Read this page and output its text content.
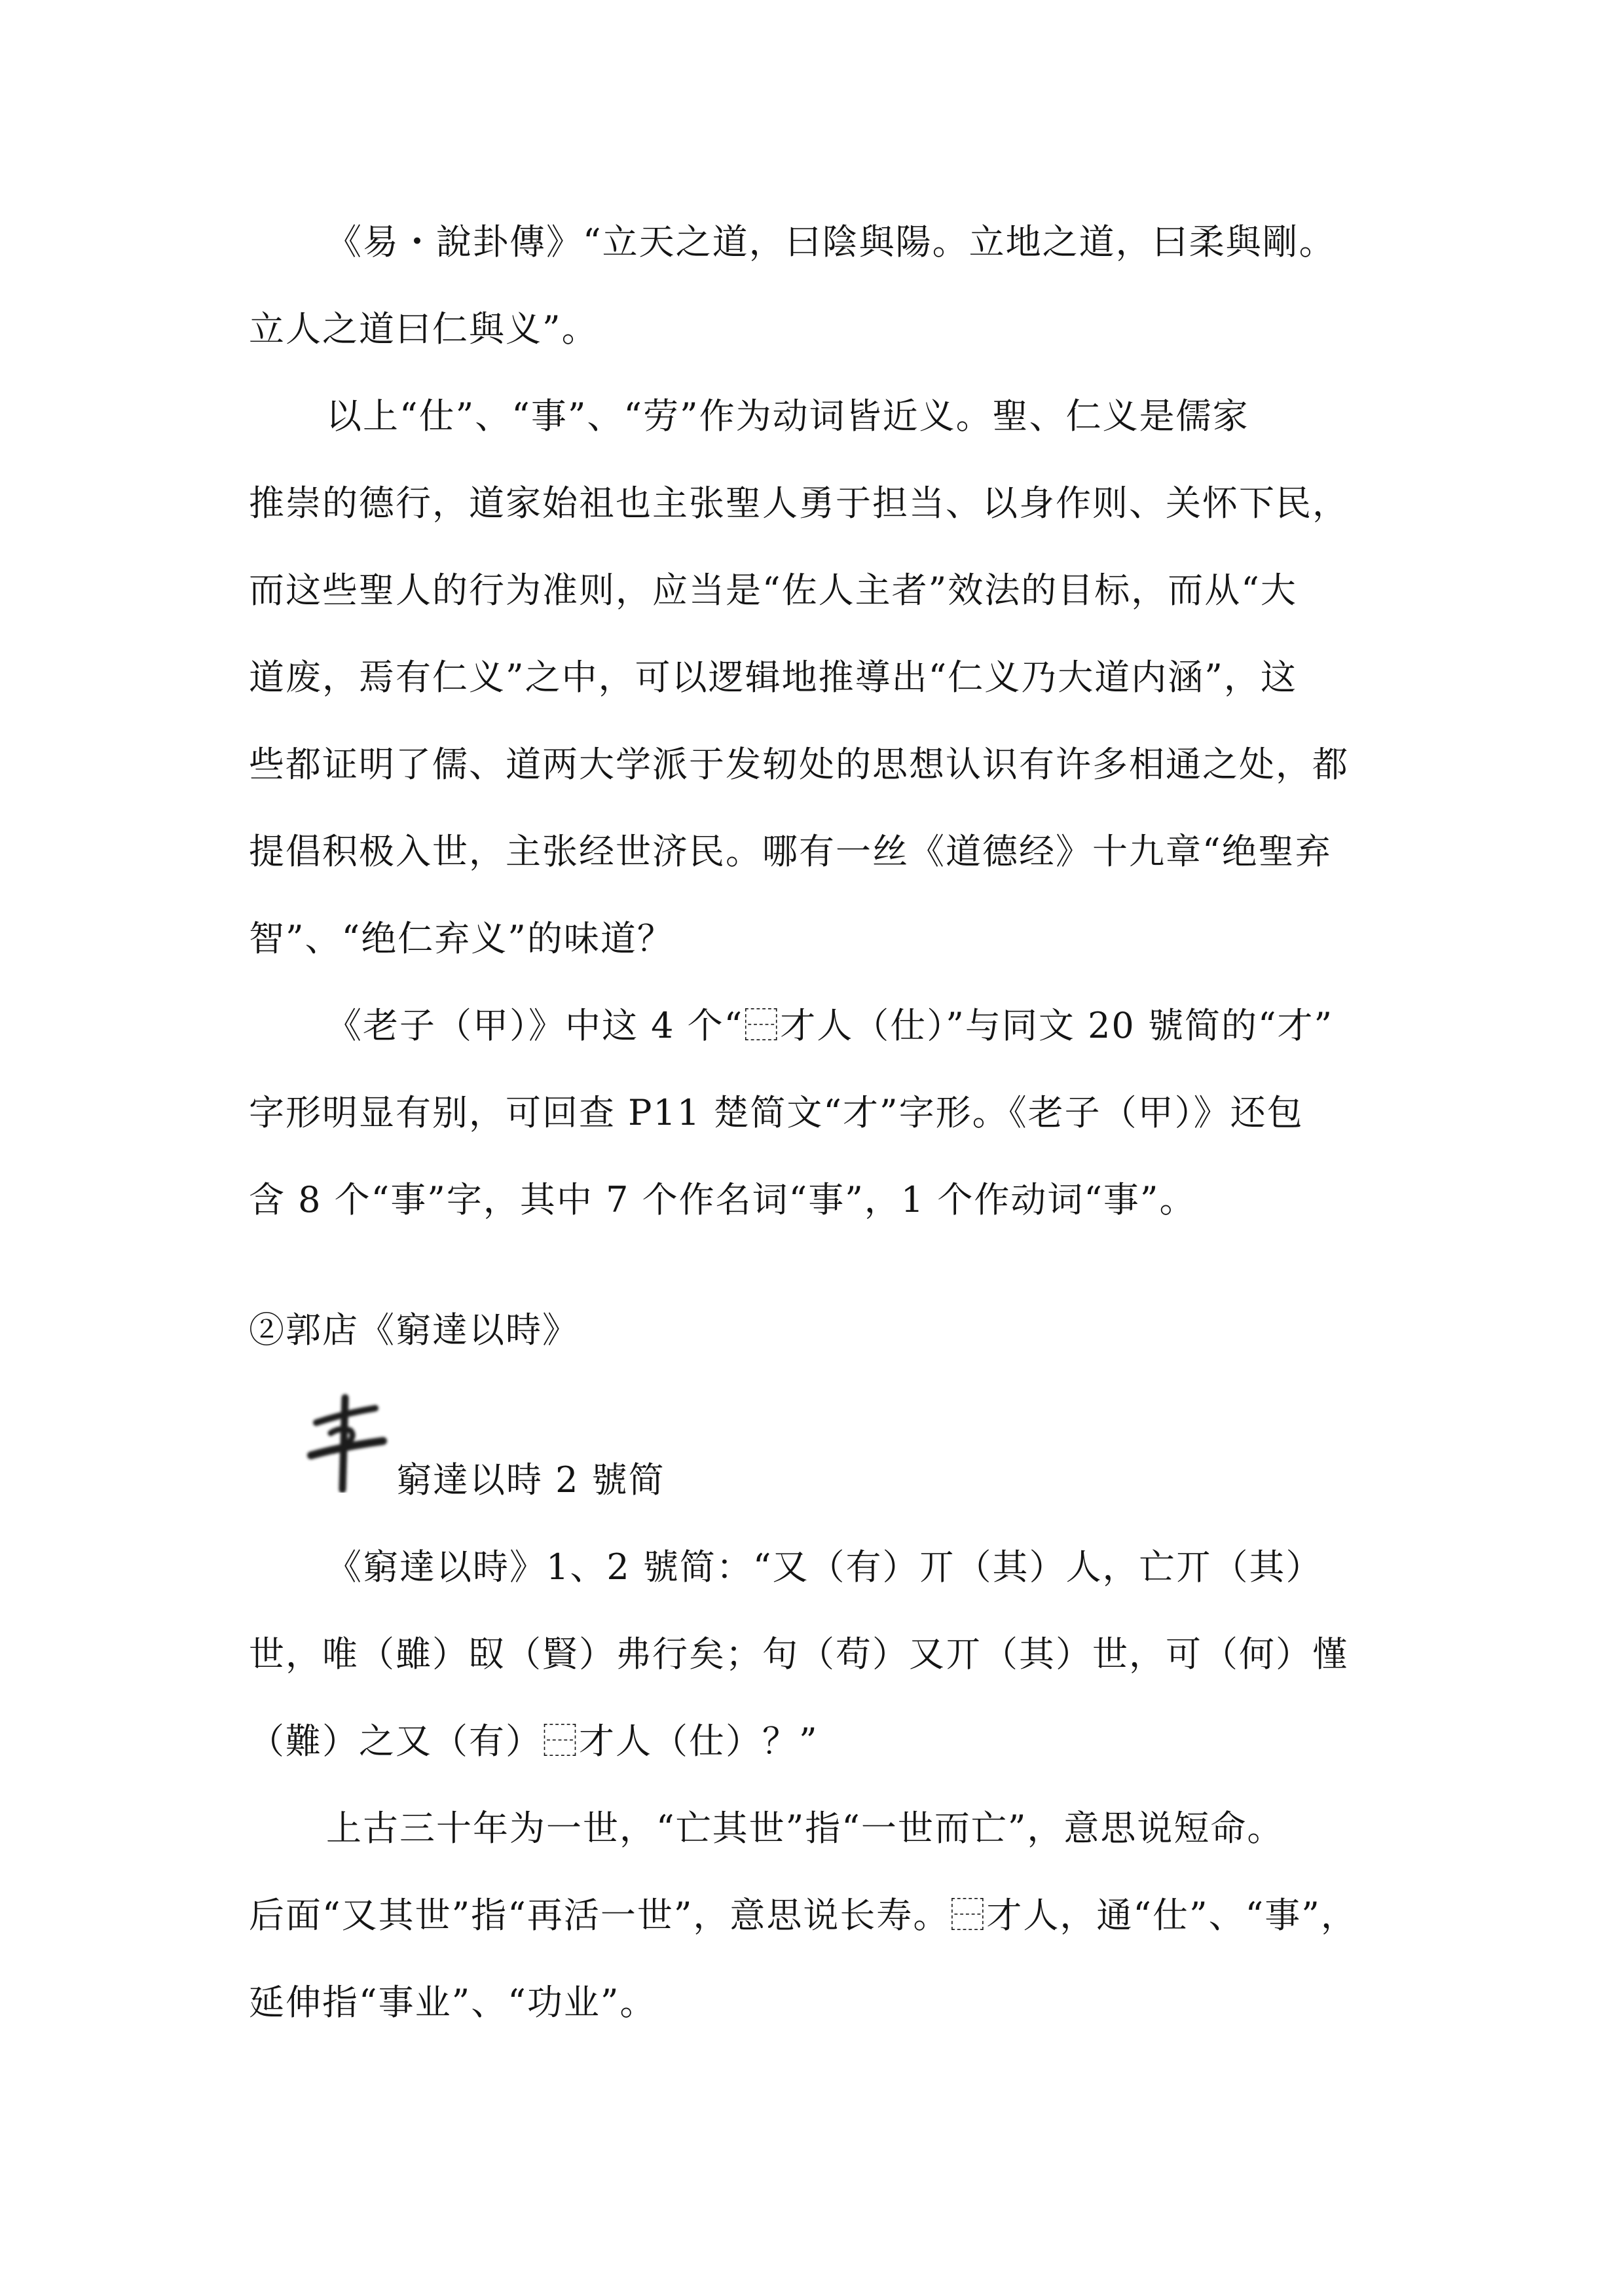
《易・說卦傳》“立天之道，曰陰與陽。立地之道，曰柔與剛。
立人之道曰仁與义”。
以上“仕”、“事”、“劳”作为动词皆近义。聖、仁义是儒家
推崇的德行，道家始祖也主张聖人勇于担当、以身作则、关怀下民，
而这些聖人的行为准则，应当是“佐人主者”效法的目标，而从“大
道废，焉有仁义”之中，可以逻辑地推導出“仁义乃大道内涵”，这
些都证明了儒、道两大学派于发轫处的思想认识有许多相通之处，都
提倡积极入世，主张经世济民。哪有一丝《道德经》十九章“绝聖弃
智”、“绝仁弃义”的味道？
《老子（甲）》中这 4 个“⿱才人（仕）”与同文 20 號简的“才”
字形明显有别，可回查 P11 楚简文“才”字形。《老子（甲）》还包
含 8 个“事”字，其中 7 个作名词“事”，1 个作动词“事”。
②郭店《窮達以時》
窮達以時 2 號简
《窮達以時》1、2 號简：“又（有）丌（其）人，亡丌（其）
世，唯（雖）臤（賢）弗行矣；句（苟）又丌（其）世，可（何）慬
（難）之又（有）⿱才人（仕）？”
上古三十年为一世，“亡其世”指“一世而亡”，意思说短命。
后面“又其世”指“再活一世”，意思说长寿。⿱才人，通“仕”、“事”，
延伸指“事业”、“功业”。
